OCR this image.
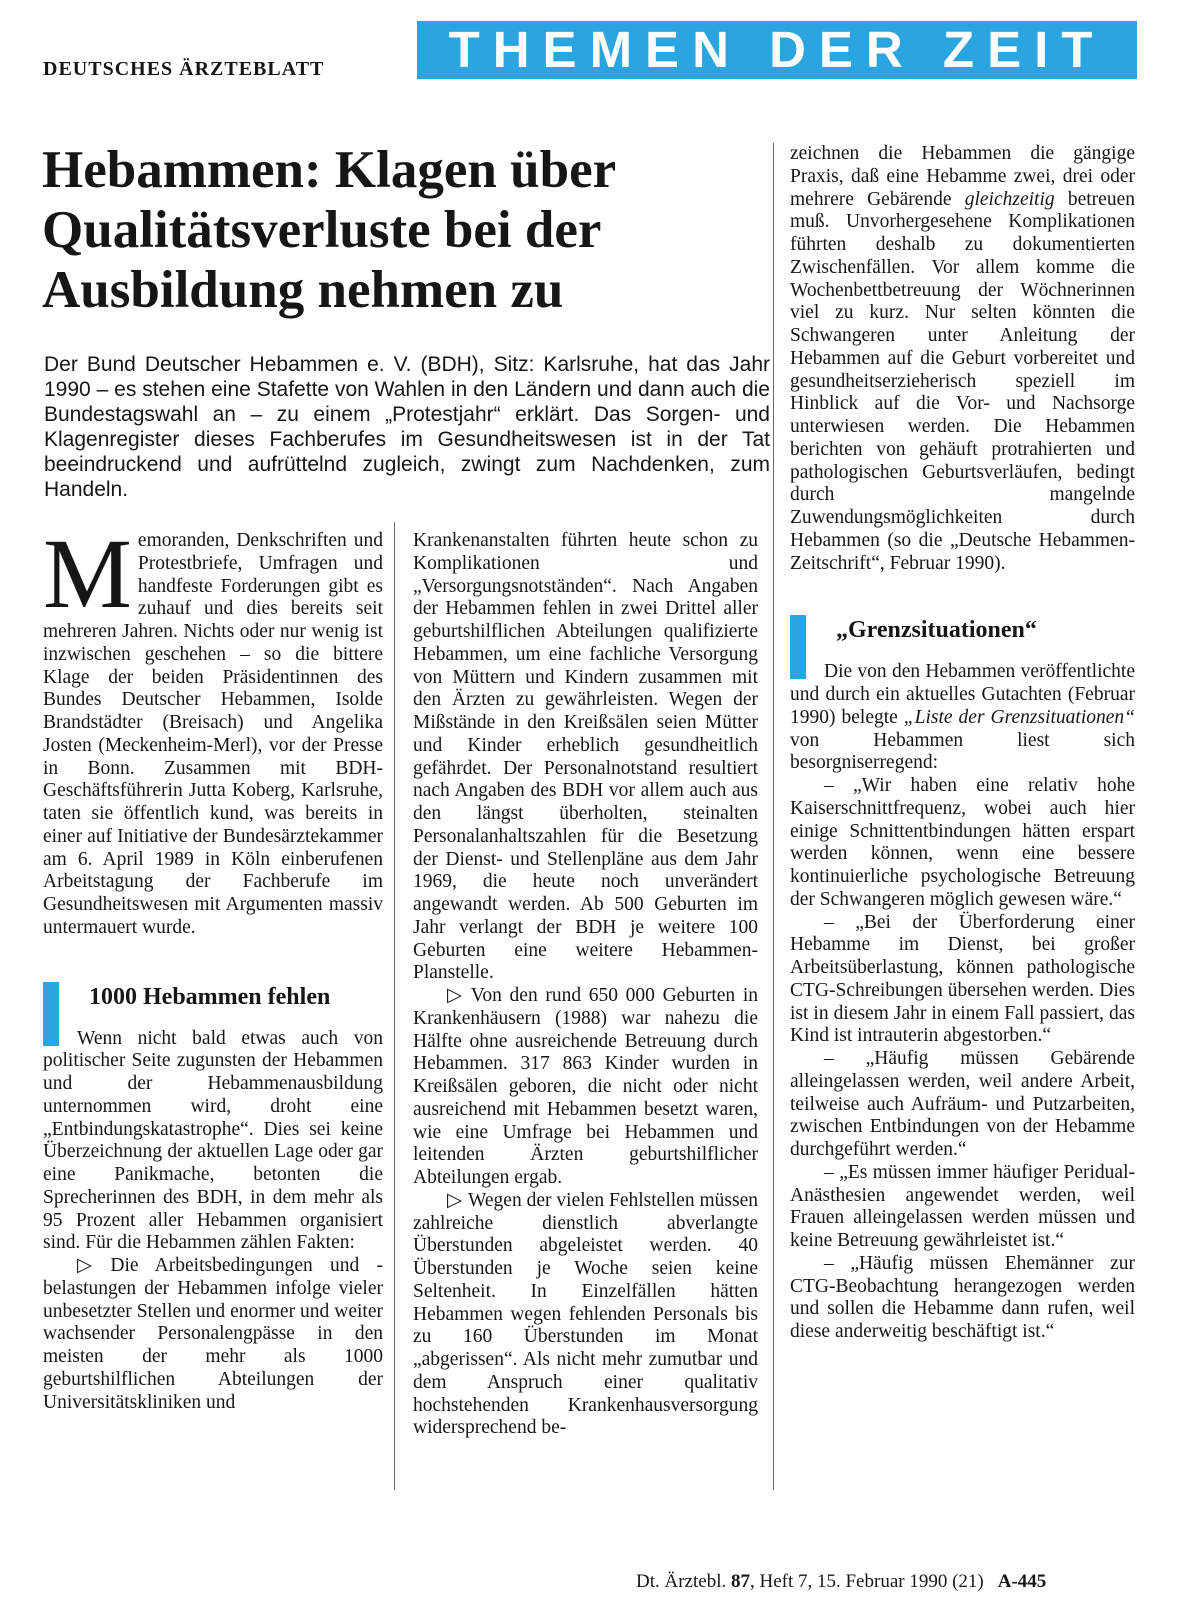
DEUTSCHES ÄRZTEBLATT	THEMEN DER ZEIT
Hebammen: Klagen über
Qualitätsverluste bei der
Ausbildung nehmen zu
Der Bund Deutscher Hebammen e. V. (BDH), Sitz: Karlsruhe, hat das Jahr 1990 – es stehen eine Stafette von Wahlen in den Ländern und dann auch die Bundestagswahl an – zu einem „Protestjahr“ erklärt. Das Sorgen- und Klagenregister dieses Fachberufes im Gesundheitswesen ist in der Tat beeindruckend und aufrüttelnd zugleich, zwingt zum Nachdenken, zum Handeln.

Memoranden, Denkschriften und Protestbriefe, Umfragen und handfeste Forderungen gibt es zuhauf und dies bereits seit mehreren Jahren. Nichts oder nur wenig ist inzwischen geschehen – so die bittere Klage der beiden Präsidentinnen des Bundes Deutscher Hebammen, Isolde Brandstädter (Breisach) und Angelika Josten (Meckenheim-Merl), vor der Presse in Bonn. Zusammen mit BDH-Geschäftsführerin Jutta Koberg, Karlsruhe, taten sie öffentlich kund, was bereits in einer auf Initiative der Bundesärztekammer am 6. April 1989 in Köln einberufenen Arbeitstagung der Fachberufe im Gesundheitswesen mit Argumenten massiv untermauert wurde.

1000 Hebammen fehlen

Wenn nicht bald etwas auch von politischer Seite zugunsten der Hebammen und der Hebammenausbildung unternommen wird, droht eine „Entbindungskatastrophe“. Dies sei keine Überzeichnung der aktuellen Lage oder gar eine Panikmache, betonten die Sprecherinnen des BDH, in dem mehr als 95 Prozent aller Hebammen organisiert sind. Für die Hebammen zählen Fakten:

▷ Die Arbeitsbedingungen und -belastungen der Hebammen infolge vieler unbesetzter Stellen und enormer und weiter wachsender Personalengpässe in den meisten der mehr als 1000 geburtshilflichen Abteilungen der Universitätskliniken und

Krankenanstalten führten heute schon zu Komplikationen und „Versorgungsnotständen“. Nach Angaben der Hebammen fehlen in zwei Drittel aller geburtshilflichen Abteilungen qualifizierte Hebammen, um eine fachliche Versorgung von Müttern und Kindern zusammen mit den Ärzten zu gewährleisten. Wegen der Mißstände in den Kreißsälen seien Mütter und Kinder erheblich gesundheitlich gefährdet. Der Personalnotstand resultiert nach Angaben des BDH vor allem auch aus den längst überholten, steinalten Personalanhaltszahlen für die Besetzung der Dienst- und Stellenpläne aus dem Jahr 1969, die heute noch unverändert angewandt werden. Ab 500 Geburten im Jahr verlangt der BDH je weitere 100 Geburten eine weitere Hebammen-Planstelle.

▷ Von den rund 650 000 Geburten in Krankenhäusern (1988) war nahezu die Hälfte ohne ausreichende Betreuung durch Hebammen. 317 863 Kinder wurden in Kreißsälen geboren, die nicht oder nicht ausreichend mit Hebammen besetzt waren, wie eine Umfrage bei Hebammen und leitenden Ärzten geburtshilflicher Abteilungen ergab.

▷ Wegen der vielen Fehlstellen müssen zahlreiche dienstlich abverlangte Überstunden abgeleistet werden. 40 Überstunden je Woche seien keine Seltenheit. In Einzelfällen hätten Hebammen wegen fehlenden Personals bis zu 160 Überstunden im Monat „abgerissen“. Als nicht mehr zumutbar und dem Anspruch einer qualitativ hochstehenden Krankenhausversorgung widersprechend be-

zeichnen die Hebammen die gängige Praxis, daß eine Hebamme zwei, drei oder mehrere Gebärende gleichzeitig betreuen muß. Unvorhergesehene Komplikationen führten deshalb zu dokumentierten Zwischenfällen. Vor allem komme die Wochenbettbetreuung der Wöchnerinnen viel zu kurz. Nur selten könnten die Schwangeren unter Anleitung der Hebammen auf die Geburt vorbereitet und gesundheitserzieherisch speziell im Hinblick auf die Vor- und Nachsorge unterwiesen werden. Die Hebammen berichten von gehäuft protrahierten und pathologischen Geburtsverläufen, bedingt durch mangelnde Zuwendungsmöglichkeiten durch Hebammen (so die „Deutsche Hebammen-Zeitschrift“, Februar 1990).

„Grenzsituationen“

Die von den Hebammen veröffentlichte und durch ein aktuelles Gutachten (Februar 1990) belegte „Liste der Grenzsituationen“ von Hebammen liest sich besorgniserregend:

– „Wir haben eine relativ hohe Kaiserschnittfrequenz, wobei auch hier einige Schnittentbindungen hätten erspart werden können, wenn eine bessere kontinuierliche psychologische Betreuung der Schwangeren möglich gewesen wäre.“

– „Bei der Überforderung einer Hebamme im Dienst, bei großer Arbeitsüberlastung, können pathologische CTG-Schreibungen übersehen werden. Dies ist in diesem Jahr in einem Fall passiert, das Kind ist intrauterin abgestorben.“

– „Häufig müssen Gebärende alleingelassen werden, weil andere Arbeit, teilweise auch Aufräum- und Putzarbeiten, zwischen Entbindungen von der Hebamme durchgeführt werden.“

– „Es müssen immer häufiger Peridual-Anästhesien angewendet werden, weil Frauen alleingelassen werden müssen und keine Betreuung gewährleistet ist.“

– „Häufig müssen Ehemänner zur CTG-Beobachtung herangezogen werden und sollen die Hebamme dann rufen, weil diese anderweitig beschäftigt ist.“

Dt. Ärztebl. 87, Heft 7, 15. Februar 1990 (21) A-445
